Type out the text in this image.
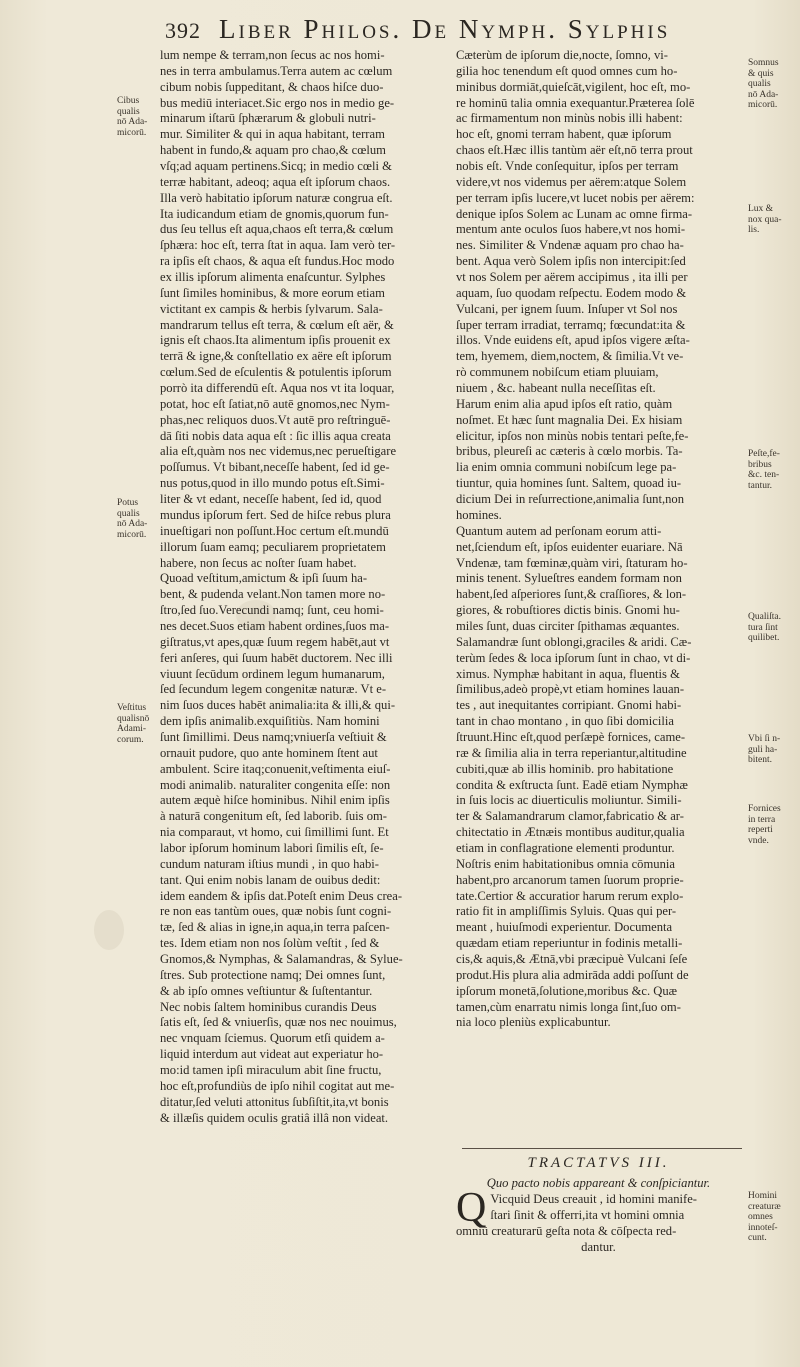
392 Liber Philos. De Nymph. Sylphis
lum nempe & terram,non ſecus ac nos homi-
nes in terra ambulamus.Terra autem ac cœlum
cibum nobis ſuppeditant, & chaos hiſce duo-
bus mediū interiacet.Sic ergo nos in medio ge-
minarum iſtarū ſphærarum & globuli nutri-
mur. Similiter & qui in aqua habitant, terram
habent in fundo,& aquam pro chao,& cœlum
vſq;ad aquam pertinens.Sicq; in medio cœli &
terræ habitant, adeoq; aqua eſt ipſorum chaos.
Illa verò habitatio ipſorum naturæ congrua eſt.
Ita iudicandum etiam de gnomis,quorum fun-
dus ſeu tellus eſt aqua,chaos eſt terra,& cœlum
ſphæra: hoc eſt, terra ſtat in aqua. Iam verò ter-
ra ipſis eſt chaos, & aqua eſt fundus.Hoc modo
ex illis ipſorum alimenta enaſcuntur. Sylphes
ſunt ſimiles hominibus, & more eorum etiam
victitant ex campis & herbis ſylvarum. Sala-
mandrarum tellus eſt terra, & cœlum eſt aër, &
ignis eſt chaos.Ita alimentum ipſis prouenit ex
terrā & igne,& conſtellatio ex aëre eſt ipſorum
cœlum.Sed de eſculentis & potulentis ipſorum
porrò ita differendū eſt. Aqua nos vt ita loquar,
potat, hoc eſt ſatiat,nō autē gnomos,nec Nym-
phas,nec reliquos duos.Vt autē pro reſtringuē-
dā ſiti nobis data aqua eſt : ſic illis aqua creata
alia eſt,quàm nos nec videmus,nec perueſtigare
poſſumus. Vt bibant,neceſſe habent, ſed id ge-
nus potus,quod in illo mundo potus eſt.Simi-
liter & vt edant, neceſſe habent, ſed id, quod
mundus ipſorum fert. Sed de hiſce rebus plura
inueſtigari non poſſunt.Hoc certum eſt.mundū
illorum ſuam eamq; peculiarem proprietatem
habere, non ſecus ac noſter ſuam habet.
Quoad veſtitum,amictum & ipſi ſuum ha-
bent, & pudenda velant.Non tamen more no-
ſtro,ſed ſuo.Verecundi namq; ſunt, ceu homi-
nes decet.Suos etiam habent ordines,ſuos ma-
giſtratus,vt apes,quæ ſuum regem habēt,aut vt
feri anſeres, qui ſuum habēt ductorem. Nec illi
viuunt ſecūdum ordinem legum humanarum,
ſed ſecundum legem congenitæ naturæ. Vt e-
nim ſuos duces habēt animalia:ita & illi,& qui-
dem ipſis animalib.exquiſitiùs. Nam homini
ſunt ſimillimi. Deus namq;vniuerſa veſtiuit &
ornauit pudore, quo ante hominem ſtent aut
ambulent. Scire itaq;conuenit,veſtimenta eiuſ-
modi animalib. naturaliter congenita eſſe: non
autem æquè hiſce hominibus. Nihil enim ipſis
à naturā congenitum eſt, ſed laborib. ſuis om-
nia comparaut, vt homo, cui ſimillimi ſunt. Et
labor ipſorum hominum labori ſimilis eſt, ſe-
cundum naturam iſtius mundi , in quo habi-
tant. Qui enim nobis lanam de ouibus dedit:
idem eandem & ipſis dat.Poteſt enim Deus crea-
re non eas tantùm oues, quæ nobis ſunt cogni-
tæ, ſed & alias in igne,in aqua,in terra paſcen-
tes. Idem etiam non nos ſolùm veſtit , ſed &
Gnomos,& Nymphas, & Salamandras, & Sylue-
ſtres. Sub protectione namq; Dei omnes ſunt,
& ab ipſo omnes veſtiuntur & ſuſtentantur.
Nec nobis ſaltem hominibus curandis Deus
ſatis eſt, ſed & vniuerſis, quæ nos nec nouimus,
nec vnquam ſciemus. Quorum etſi quidem a-
liquid interdum aut videat aut experiatur ho-
mo:id tamen ipſi miraculum abit ſine fructu,
hoc eſt,profundiùs de ipſo nihil cogitat aut me-
ditatur,ſed veluti attonitus ſubſiſtit,ita,vt bonis
& illæſis quidem oculis gratiâ illâ non videat.
Cæterùm de ipſorum die,nocte, ſomno, vi-
gilia hoc tenendum eſt quod omnes cum ho-
minibus dormiāt,quieſcāt,vigilent, hoc eſt, mo-
re hominū talia omnia exequantur.Præterea ſolē
ac firmamentum non minùs nobis illi habent:
hoc eſt, gnomi terram habent, quæ ipſorum
chaos eſt.Hæc illis tantùm aër eſt,nō terra prout
nobis eſt. Vnde conſequitur, ipſos per terram
videre,vt nos videmus per aërem:atque Solem
per terram ipſis lucere,vt lucet nobis per aërem:
denique ipſos Solem ac Lunam ac omne firma-
mentum ante oculos ſuos habere,vt nos homi-
nes. Similiter & Vndenæ aquam pro chao ha-
bent. Aqua verò Solem ipſis non intercipit:ſed
vt nos Solem per aërem accipimus , ita illi per
aquam, ſuo quodam reſpectu. Eodem modo &
Vulcani, per ignem ſuum. Inſuper vt Sol nos
ſuper terram irradiat, terramq; fœcundat:ita &
illos. Vnde euidens eſt, apud ipſos vigere æſta-
tem, hyemem, diem,noctem, & ſimilia.Vt ve-
rò communem nobiſcum etiam pluuiam,
niuem , &c. habeant nulla neceſſitas eſt.
Harum enim alia apud ipſos eſt ratio, quàm
noſmet. Et hæc ſunt magnalia Dei. Ex hisiam
elicitur, ipſos non minùs nobis tentari peſte,fe-
bribus, pleureſi ac cæteris à cœlo morbis. Ta-
lia enim omnia communi nobiſcum lege pa-
tiuntur, quia homines ſunt. Saltem, quoad iu-
dicium Dei in reſurrectione,animalia ſunt,non
homines.
Quantum autem ad perſonam eorum atti-
net,ſciendum eſt, ipſos euidenter euariare. Nā
Vndenæ, tam fœminæ,quàm viri, ſtaturam ho-
minis tenent. Sylueſtres eandem formam non
habent,ſed aſperiores ſunt,& craſſiores, & lon-
giores, & robuſtiores dictis binis. Gnomi hu-
miles ſunt, duas circiter ſpithamas æquantes.
Salamandræ ſunt oblongi,graciles & aridi. Cæ-
terùm ſedes & loca ipſorum ſunt in chao, vt di-
ximus. Nymphæ habitant in aqua, fluentis &
ſimilibus,adeò propè,vt etiam homines lauan-
tes , aut inequitantes corripiant. Gnomi habi-
tant in chao montano , in quo ſibi domicilia
ſtruunt.Hinc eſt,quod perſæpè fornices, came-
ræ & ſimilia alia in terra reperiantur,altitudine
cubiti,quæ ab illis hominib. pro habitatione
condita & exſtructa ſunt. Eadē etiam Nymphæ
in ſuis locis ac diuerticulis moliuntur. Simili-
ter & Salamandrarum clamor,fabricatio & ar-
chitectatio in Ætnæis montibus auditur,qualia
etiam in conflagratione elementi produntur.
Noſtris enim habitationibus omnia cōmunia
habent,pro arcanorum tamen ſuorum proprie-
tate.Certior & accuratior harum rerum explo-
ratio fit in ampliſſimis Syluis. Quas qui per-
meant , huiuſmodi experientur. Documenta
quædam etiam reperiuntur in fodinis metalli-
cis,& aquis,& Ætnā,vbi præcipuè Vulcani ſeſe
produt.His plura alia admirāda addi poſſunt de
ipſorum monetā,ſolutione,moribus &c. Quæ
tamen,cùm enarratu nimis longa ſint,ſuo om-
nia loco pleniùs explicabuntur.
Cibus
qualis
nō Ada-
micorū.
Potus
qualis
nō Ada-
micorū.
Veſtitus
qualisnō
Adami-
corum.
Somnus
& quis
qualis
nō Ada-
micorū.
Lux &
nox qua-
lis.
Peſte,fe-
bribus
&c. ten-
tantur.
Qualiſta.
tura ſint
quilibet.
Vbi ſi n-
guli ha-
bitent.
Fornices
in terra
reperti
vnde.
Homini
creaturæ
omnes
innoteſ-
cunt.
TRACTATVS III.
Quo pacto nobis appareant & conſpiciantur.
Q Vicquid Deus creauit , id homini manife-
ſtari ſinit & offerri,ita vt homini omnia
omniū creaturarū geſta nota & cōſpecta red-
dantur.
